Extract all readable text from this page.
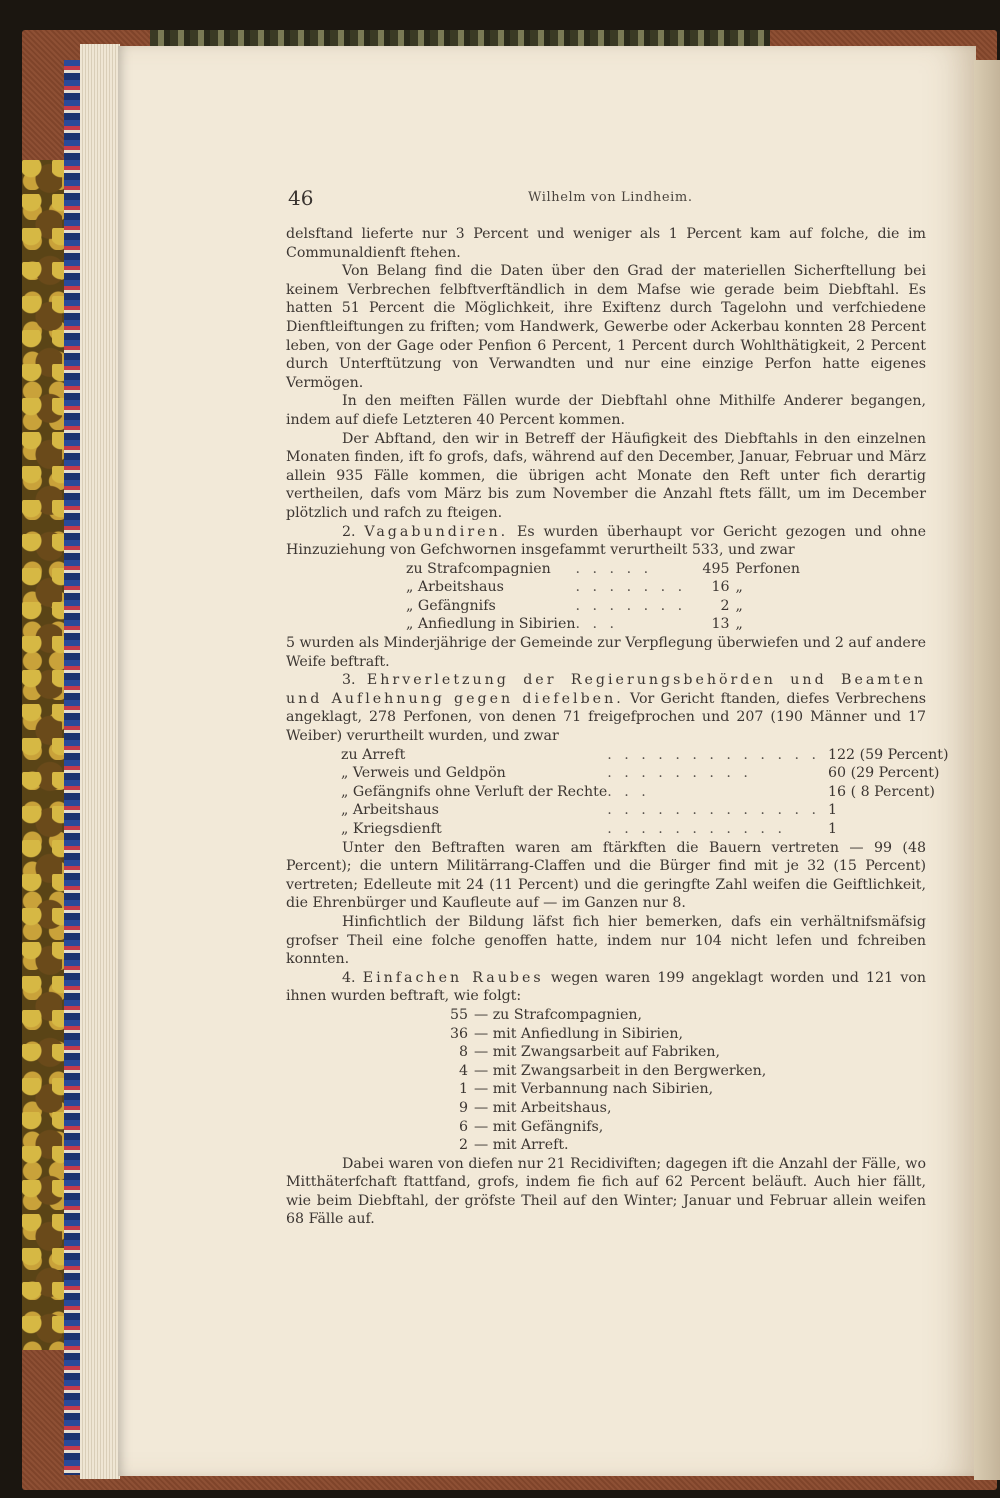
46	Wilhelm von Lindheim.

delsftand lieferte nur 3 Percent und weniger als 1 Percent kam auf folche, die im Communaldienft ftehen.

Von Belang find die Daten über den Grad der materiellen Sicherftellung bei keinem Verbrechen felbftverftändlich in dem Mafse wie gerade beim Diebftahl. Es hatten 51 Percent die Möglichkeit, ihre Exiftenz durch Tagelohn und verfchiedene Dienftleiftungen zu friften; vom Handwerk, Gewerbe oder Ackerbau konnten 28 Percent leben, von der Gage oder Penfion 6 Percent, 1 Percent durch Wohlthätigkeit, 2 Percent durch Unterftützung von Verwandten und nur eine einzige Perfon hatte eigenes Vermögen.

In den meiften Fällen wurde der Diebftahl ohne Mithilfe Anderer begangen, indem auf diefe Letzteren 40 Percent kommen.

Der Abftand, den wir in Betreff der Häufigkeit des Diebftahls in den einzelnen Monaten finden, ift fo grofs, dafs, während auf den December, Januar, Februar und März allein 935 Fälle kommen, die übrigen acht Monate den Reft unter fich derartig vertheilen, dafs vom März bis zum November die Anzahl ftets fällt, um im December plötzlich und rafch zu fteigen.

2. Vagabundiren. Es wurden überhaupt vor Gericht gezogen und ohne Hinzuziehung von Gefchwornen insgefammt verurtheilt 533, und zwar

zu Strafcompagnien	. . . . .	495	Perfonen
„ Arbeitshaus	. . . . . . .	16	„
„ Gefängnifs	. . . . . . .	2	„
„ Anfiedlung in Sibirien	. . .	13	„

5 wurden als Minderjährige der Gemeinde zur Verpflegung überwiefen und 2 auf andere Weife beftraft.

3. Ehrverletzung der Regierungsbehörden und Beamten und Auflehnung gegen diefelben. Vor Gericht ftanden, diefes Verbrechens angeklagt, 278 Perfonen, von denen 71 freigefprochen und 207 (190 Männer und 17 Weiber) verurtheilt wurden, und zwar

zu Arreft	. . . . . . . . . . . . .	122 (59 Percent)
„ Verweis und Geldpön	. . . . . . . . .	60 (29 Percent)
„ Gefängnifs ohne Verluft der Rechte	. . .	16 ( 8 Percent)
„ Arbeitshaus	. . . . . . . . . . . . .	1
„ Kriegsdienft	. . . . . . . . . . .	1

Unter den Beftraften waren am ftärkften die Bauern vertreten — 99 (48 Percent); die untern Militärrang-Claffen und die Bürger find mit je 32 (15 Percent) vertreten; Edelleute mit 24 (11 Percent) und die geringfte Zahl weifen die Geiftlichkeit, die Ehrenbürger und Kaufleute auf — im Ganzen nur 8.

Hinfichtlich der Bildung läfst fich hier bemerken, dafs ein verhältnifsmäfsig grofser Theil eine folche genoffen hatte, indem nur 104 nicht lefen und fchreiben konnten.

4. Einfachen Raubes wegen waren 199 angeklagt worden und 121 von ihnen wurden beftraft, wie folgt:

55	— zu Strafcompagnien,
36	— mit Anfiedlung in Sibirien,
8	— mit Zwangsarbeit auf Fabriken,
4	— mit Zwangsarbeit in den Bergwerken,
1	— mit Verbannung nach Sibirien,
9	— mit Arbeitshaus,
6	— mit Gefängnifs,
2	— mit Arreft.

Dabei waren von diefen nur 21 Recidiviften; dagegen ift die Anzahl der Fälle, wo Mitthäterfchaft ftattfand, grofs, indem fie fich auf 62 Percent beläuft. Auch hier fällt, wie beim Diebftahl, der gröfste Theil auf den Winter; Januar und Februar allein weifen 68 Fälle auf.
